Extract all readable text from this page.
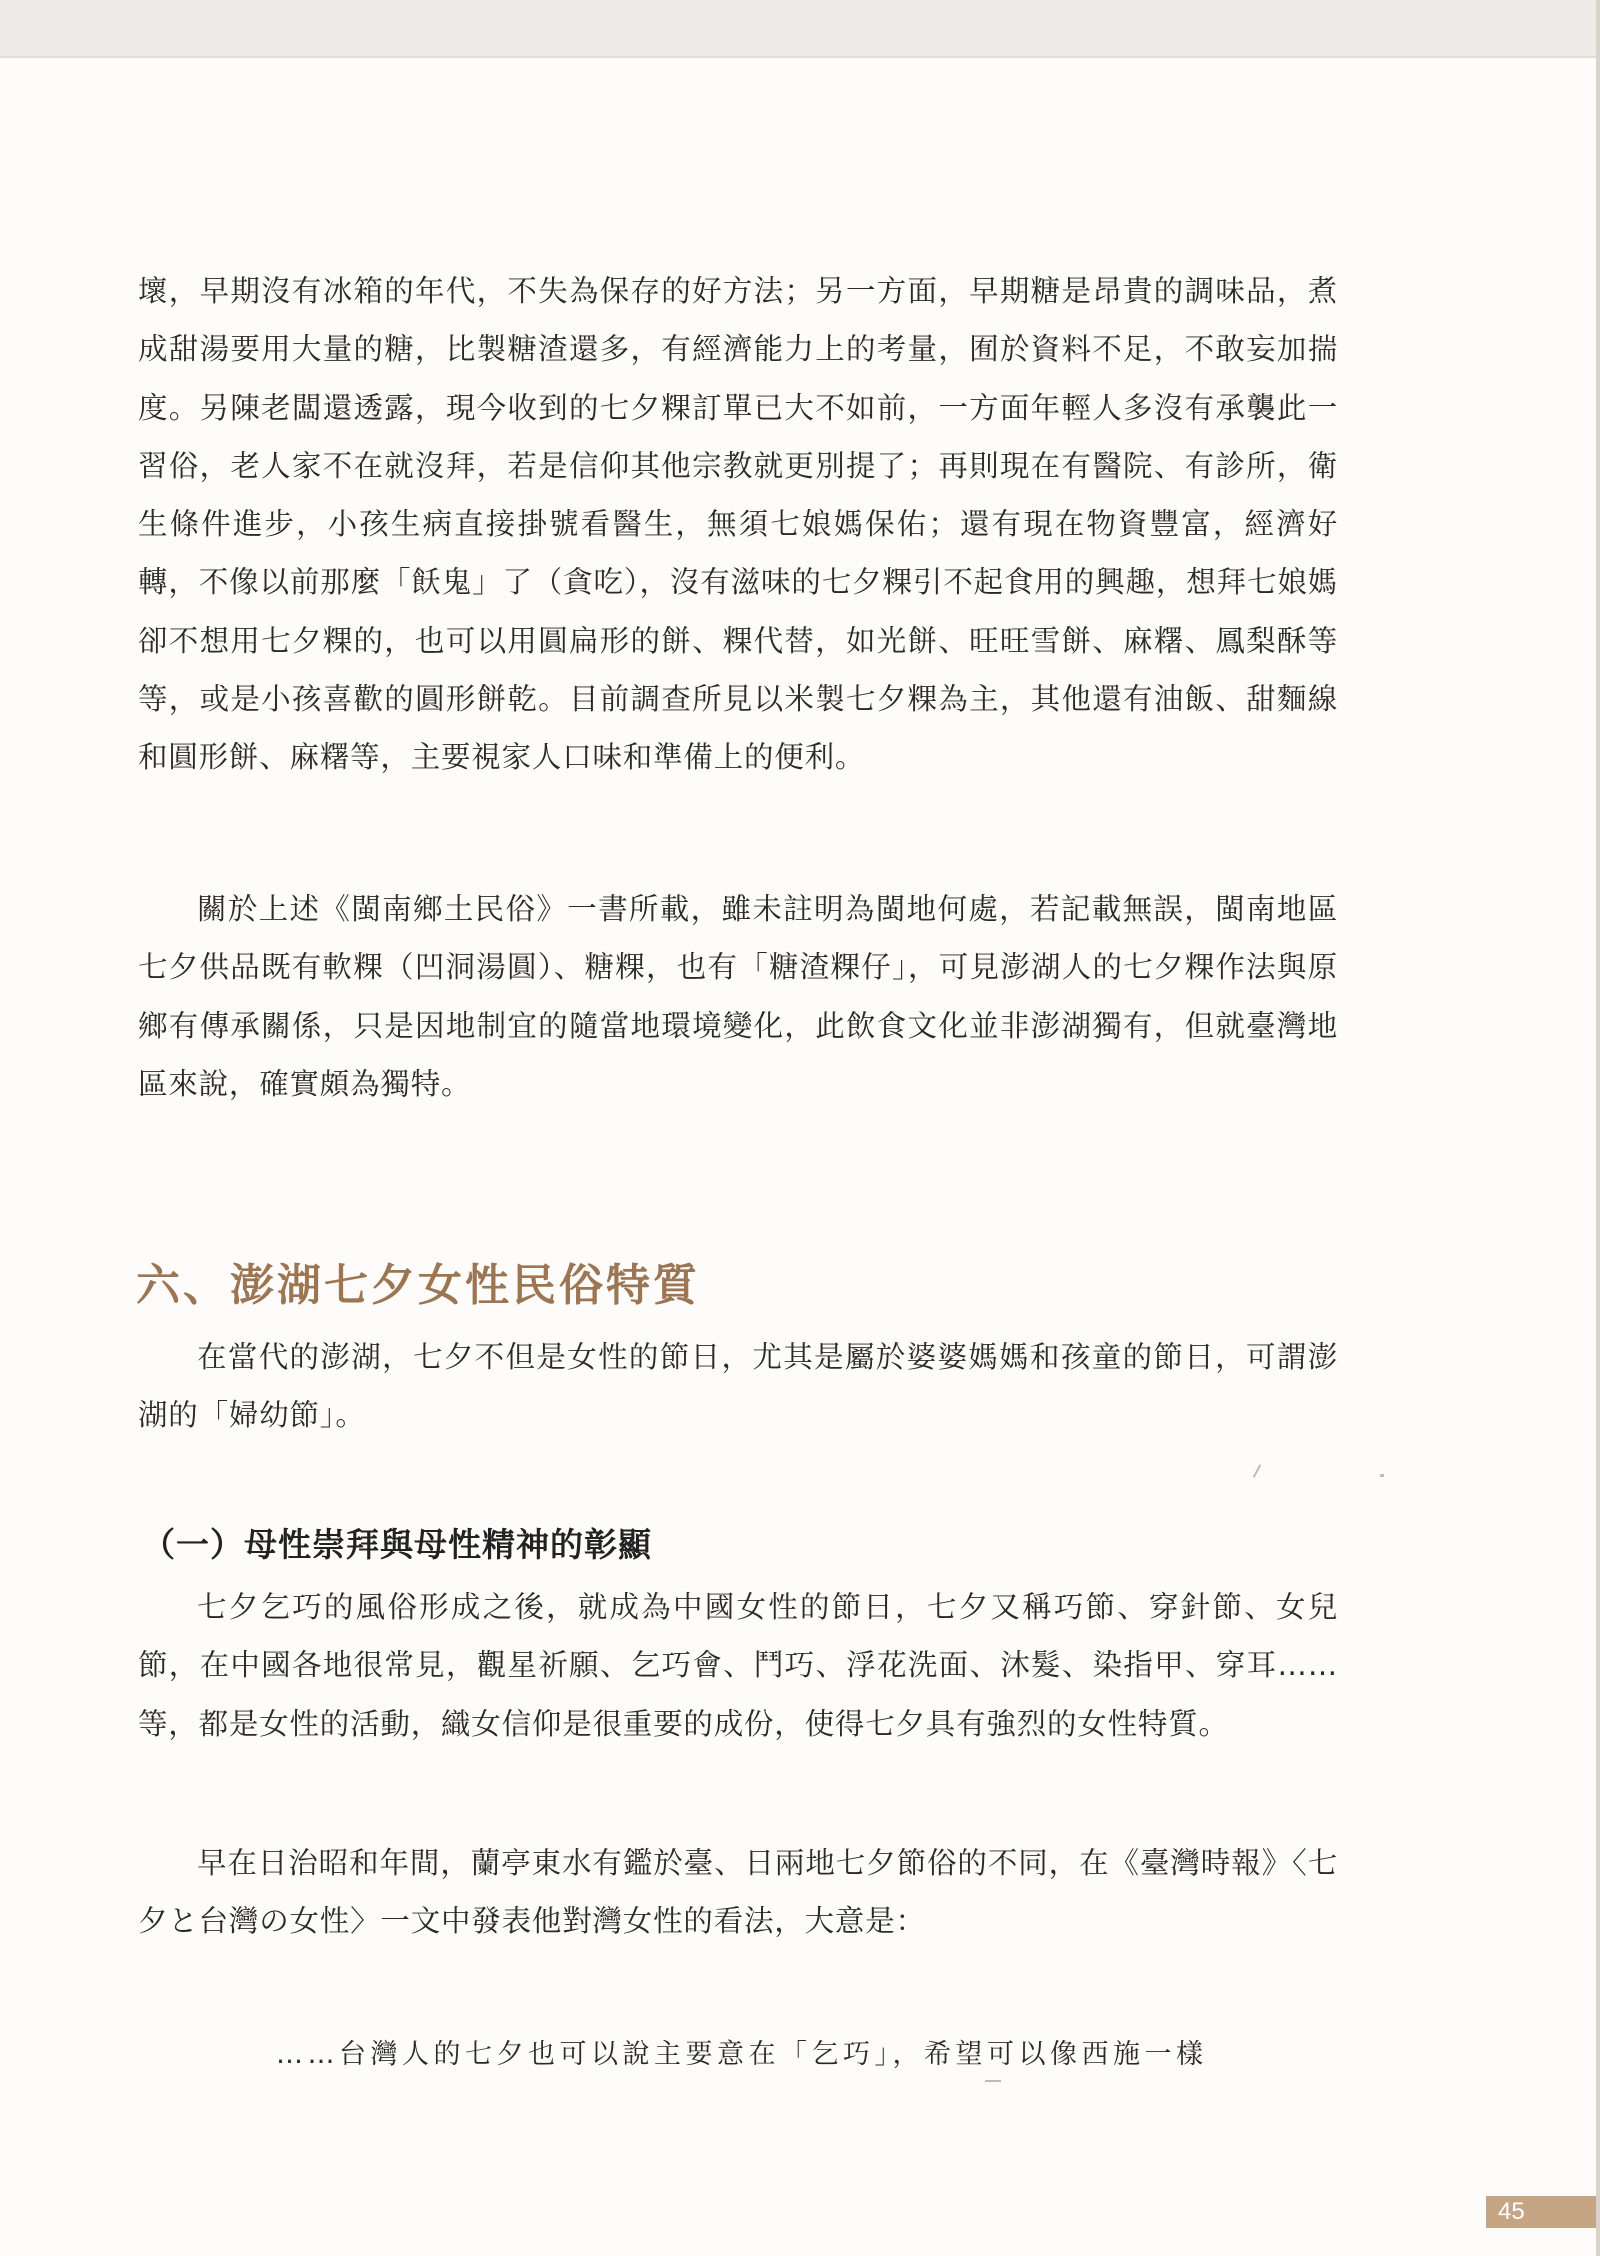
壞，早期沒有冰箱的年代，不失為保存的好方法；另一方面，早期糖是昂貴的調味品，煮成甜湯要用大量的糖，比製糖渣還多，有經濟能力上的考量，囿於資料不足，不敢妄加揣度。另陳老闆還透露，現今收到的七夕粿訂單已大不如前，一方面年輕人多沒有承襲此一習俗，老人家不在就沒拜，若是信仰其他宗教就更別提了；再則現在有醫院、有診所，衛生條件進步，小孩生病直接掛號看醫生，無須七娘媽保佑；還有現在物資豐富，經濟好轉，不像以前那麼「飫鬼」了（貪吃），沒有滋味的七夕粿引不起食用的興趣，想拜七娘媽卻不想用七夕粿的，也可以用圓扁形的餅、粿代替，如光餅、旺旺雪餅、麻糬、鳳梨酥等等，或是小孩喜歡的圓形餅乾。目前調查所見以米製七夕粿為主，其他還有油飯、甜麵線和圓形餅、麻糬等，主要視家人口味和準備上的便利。

關於上述《閩南鄉土民俗》一書所載，雖未註明為閩地何處，若記載無誤，閩南地區七夕供品既有軟粿（凹洞湯圓）、糖粿，也有「糖渣粿仔」，可見澎湖人的七夕粿作法與原鄉有傳承關係，只是因地制宜的隨當地環境變化，此飲食文化並非澎湖獨有，但就臺灣地區來說，確實頗為獨特。

六、澎湖七夕女性民俗特質

在當代的澎湖，七夕不但是女性的節日，尤其是屬於婆婆媽媽和孩童的節日，可謂澎湖的「婦幼節」。

（一）母性崇拜與母性精神的彰顯

七夕乞巧的風俗形成之後，就成為中國女性的節日，七夕又稱巧節、穿針節、女兒節，在中國各地很常見，觀星祈願、乞巧會、鬥巧、浮花洗面、沐髮、染指甲、穿耳……等，都是女性的活動，織女信仰是很重要的成份，使得七夕具有強烈的女性特質。

早在日治昭和年間，蘭亭東水有鑑於臺、日兩地七夕節俗的不同，在《臺灣時報》〈七夕と台灣の女性〉一文中發表他對灣女性的看法，大意是：

……台灣人的七夕也可以說主要意在「乞巧」，希望可以像西施一樣

45
